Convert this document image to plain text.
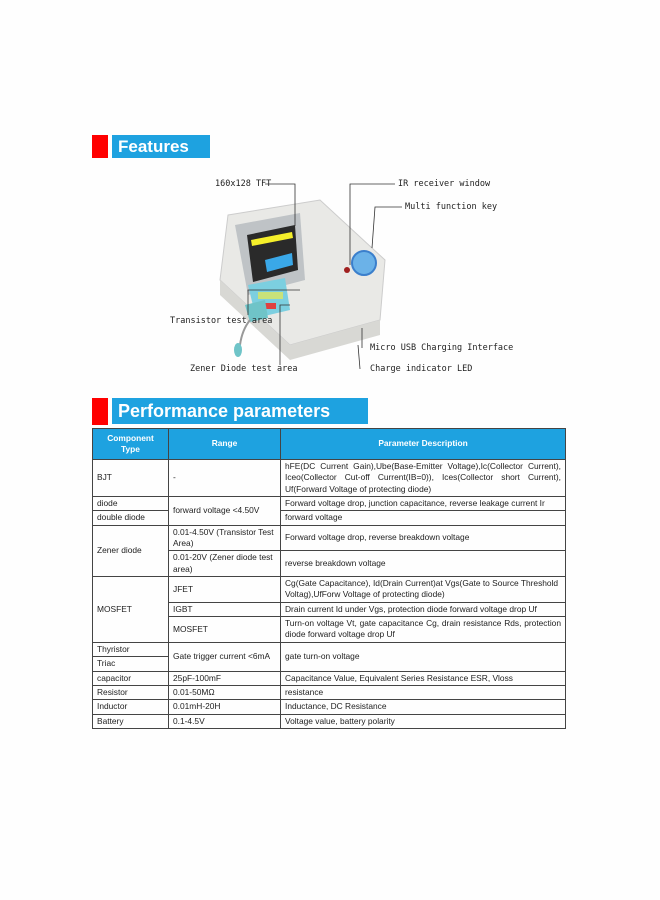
Features
160x128 TFT	IR receiver window
Multi function key
Transistor test area
Micro USB Charging Interface
Zener Diode test area	Charge indicator LED
Performance parameters
Component Type	Range	Parameter Description
BJT	-	hFE(DC Current Gain),Ube(Base-Emitter Voltage),Ic(Collector Current), Iceo(Collector Cut-off Current(IB=0)), Ices(Collector short Current), Uf(Forward Voltage of protecting diode)
diode	forward voltage <4.50V	Forward voltage drop, junction capacitance, reverse leakage current Ir
double diode		forward voltage
Zener diode	0.01-4.50V (Transistor Test Area)	Forward voltage drop, reverse breakdown voltage
	0.01-20V (Zener diode test area)	reverse breakdown voltage
MOSFET	JFET	Cg(Gate Capacitance), Id(Drain Current)at Vgs(Gate to Source Threshold Voltag),UfForw Voltage of protecting diode)
	IGBT	Drain current Id under Vgs, protection diode forward voltage drop Uf
	MOSFET	Turn-on voltage Vt, gate capacitance Cg, drain resistance Rds, protection diode forward voltage drop Uf
Thyristor	Gate trigger current <6mA	gate turn-on voltage
Triac		
capacitor	25pF-100mF	Capacitance Value, Equivalent Series Resistance ESR, Vloss
Resistor	0.01-50MΩ	resistance
Inductor	0.01mH-20H	Inductance, DC Resistance
Battery	0.1-4.5V	Voltage value, battery polarity
